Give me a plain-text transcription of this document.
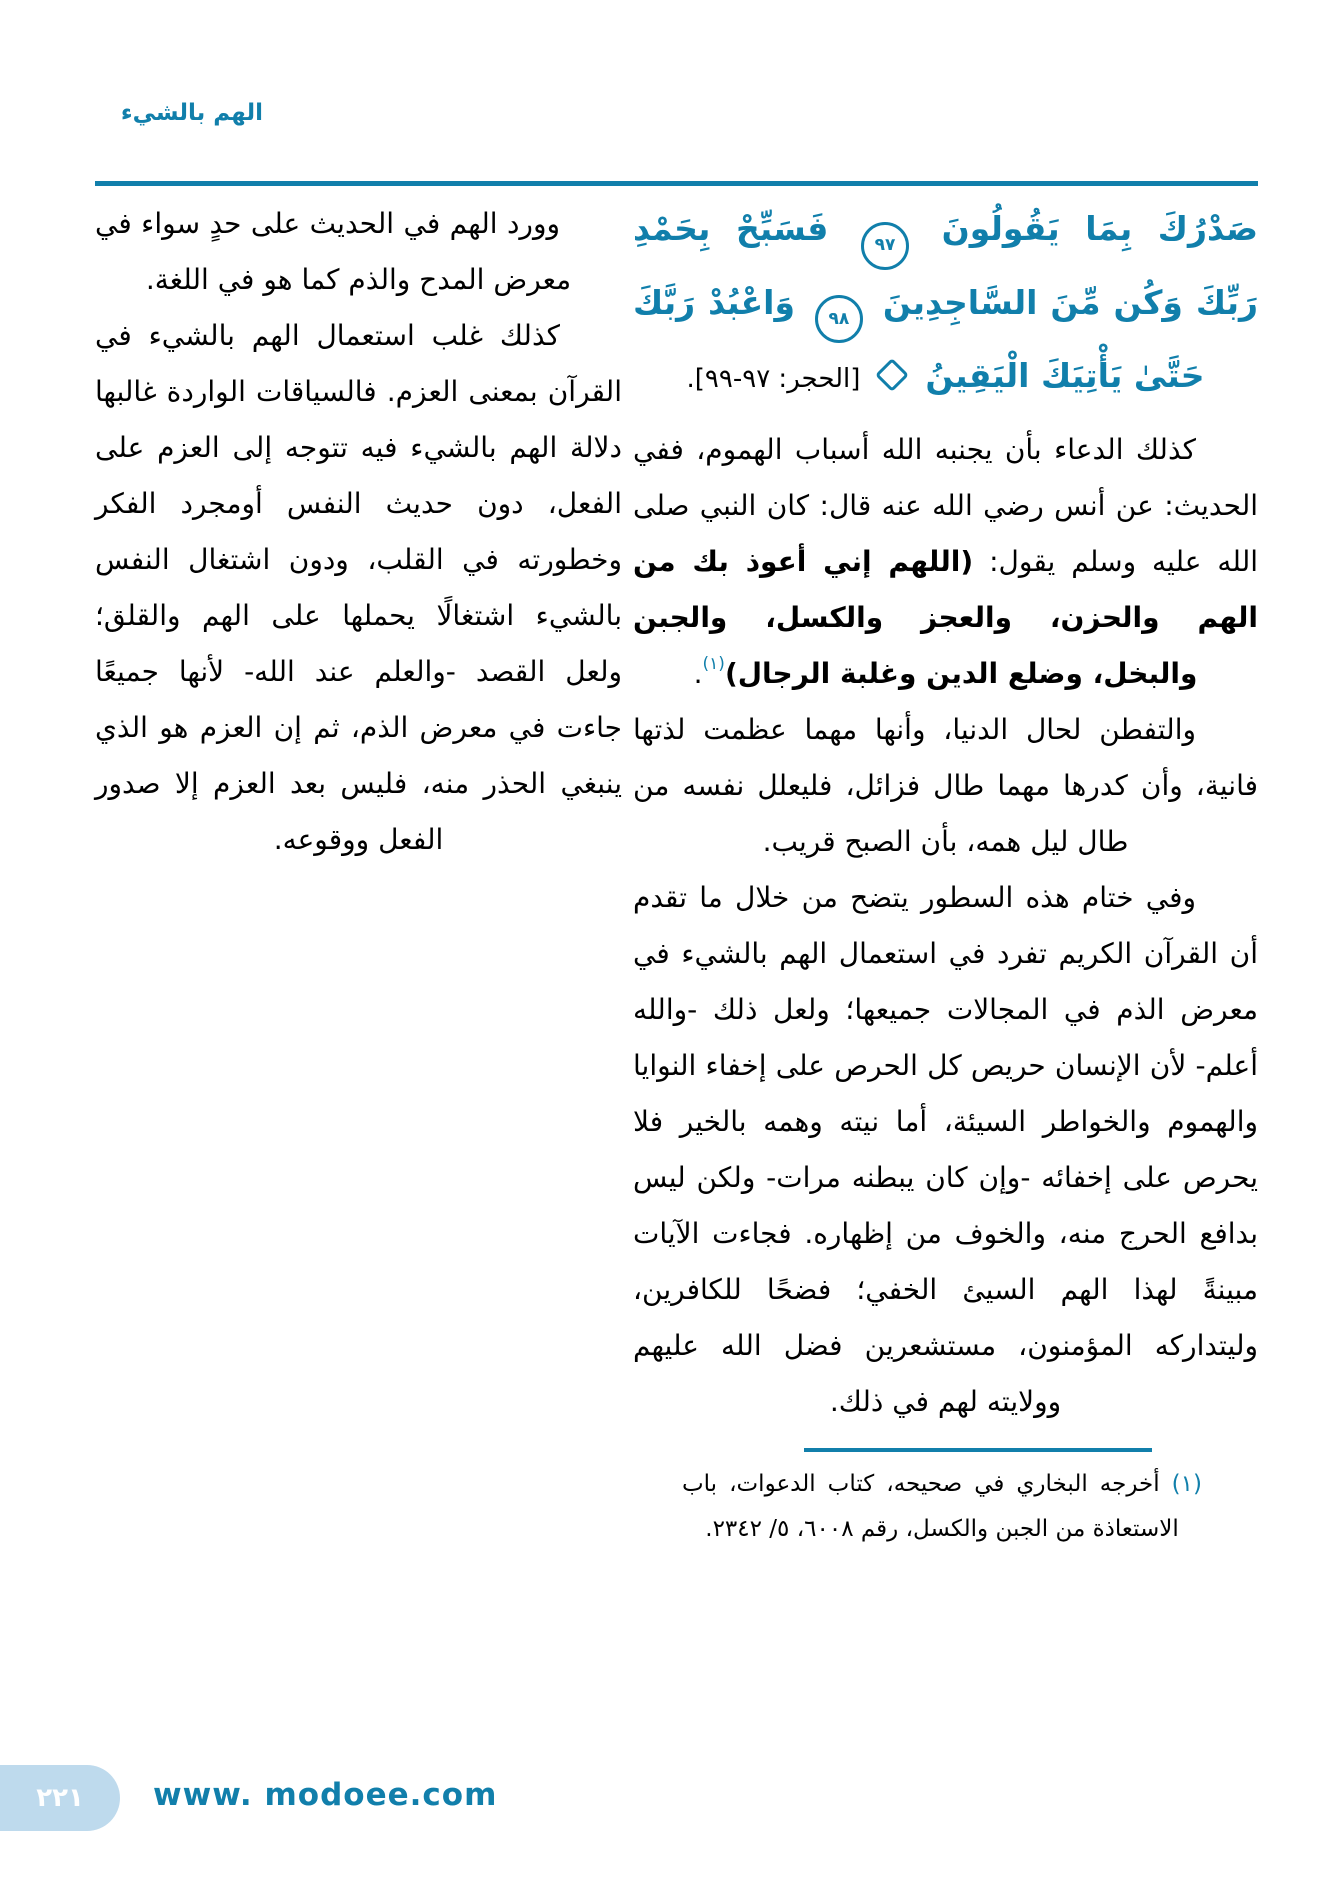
الهم بالشيء

صَدْرُكَ بِمَا يَقُولُونَ
٩٧
فَسَبِّحْ بِحَمْدِ رَبِّكَ وَكُن مِّنَ السَّاجِدِينَ
٩٨
وَاعْبُدْ رَبَّكَ حَتَّىٰ يَأْتِيَكَ الْيَقِينُ  [الحجر: ٩٧-٩٩].

كذلك الدعاء بأن يجنبه الله أسباب الهموم، ففي الحديث: عن أنس رضي الله عنه قال: كان النبي صلى الله عليه وسلم يقول: (اللهم إني أعوذ بك من الهم والحزن، والعجز والكسل، والجبن والبخل، وضلع الدين وغلبة الرجال)$^{(١)}$.

والتفطن لحال الدنيا، وأنها مهما عظمت لذتها فانية، وأن كدرها مهما طال فزائل، فليعلل نفسه من طال ليل همه، بأن الصبح قريب.

وفي ختام هذه السطور يتضح من خلال ما تقدم أن القرآن الكريم تفرد في استعمال الهم بالشيء في معرض الذم في المجالات جميعها؛ ولعل ذلك -والله أعلم- لأن الإنسان حريص كل الحرص على إخفاء النوايا والهموم والخواطر السيئة، أما نيته وهمه بالخير فلا يحرص على إخفائه -وإن كان يبطنه مرات- ولكن ليس بدافع الحرج منه، والخوف من إظهاره. فجاءت الآيات مبينةً لهذا الهم السيئ الخفي؛ فضحًا للكافرين، وليتداركه المؤمنون، مستشعرين فضل الله عليهم وولايته لهم في ذلك.

(١) أخرجه البخاري في صحيحه، كتاب الدعوات، باب الاستعاذة من الجبن والكسل، رقم ٦٠٠٨، ٥/ ٢٣٤٢.

وورد الهم في الحديث على حدٍ سواء في معرض المدح والذم كما هو في اللغة.

كذلك غلب استعمال الهم بالشيء في القرآن بمعنى العزم. فالسياقات الواردة غالبها دلالة الهم بالشيء فيه تتوجه إلى العزم على الفعل، دون حديث النفس أومجرد الفكر وخطورته في القلب، ودون اشتغال النفس بالشيء اشتغالًا يحملها على الهم والقلق؛ ولعل القصد -والعلم عند الله- لأنها جميعًا جاءت في معرض الذم، ثم إن العزم هو الذي ينبغي الحذر منه، فليس بعد العزم إلا صدور الفعل ووقوعه.

٢٢١ www. modoee.com
